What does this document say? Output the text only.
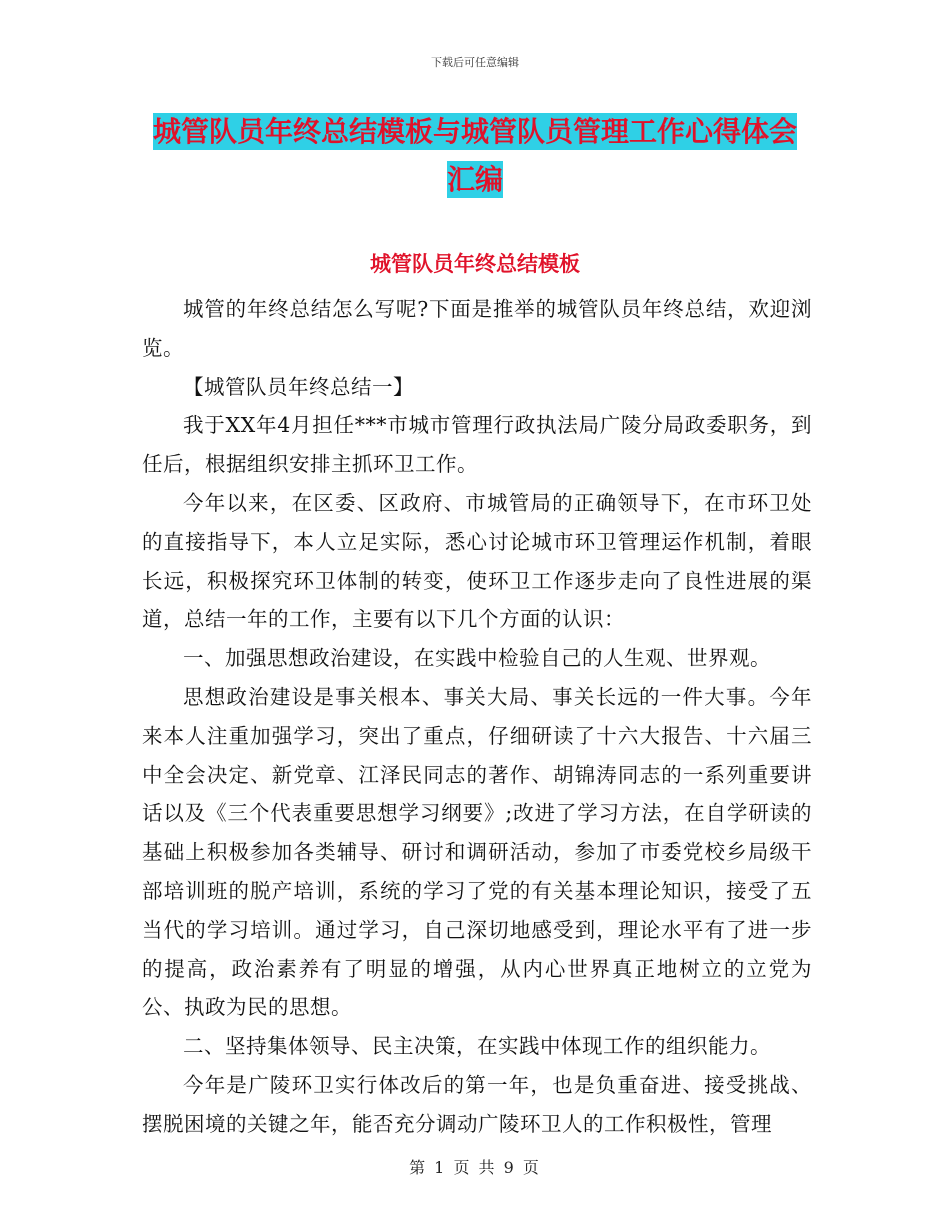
下载后可任意编辑
城管队员年终总结模板与城管队员管理工作心得体会汇编
城管队员年终总结模板

城管的年终总结怎么写呢?下面是推举的城管队员年终总结，欢迎浏览。

【城管队员年终总结一】

我于XX年4月担任***市城市管理行政执法局广陵分局政委职务，到任后，根据组织安排主抓环卫工作。

今年以来，在区委、区政府、市城管局的正确领导下，在市环卫处的直接指导下，本人立足实际，悉心讨论城市环卫管理运作机制，着眼长远，积极探究环卫体制的转变，使环卫工作逐步走向了良性进展的渠道，总结一年的工作，主要有以下几个方面的认识：

一、加强思想政治建设，在实践中检验自己的人生观、世界观。

思想政治建设是事关根本、事关大局、事关长远的一件大事。今年来本人注重加强学习，突出了重点，仔细研读了十六大报告、十六届三中全会决定、新党章、江泽民同志的著作、胡锦涛同志的一系列重要讲话以及《三个代表重要思想学习纲要》;改进了学习方法，在自学研读的基础上积极参加各类辅导、研讨和调研活动，参加了市委党校乡局级干部培训班的脱产培训，系统的学习了党的有关基本理论知识，接受了五当代的学习培训。通过学习，自己深切地感受到，理论水平有了进一步的提高，政治素养有了明显的增强，从内心世界真正地树立的立党为公、执政为民的思想。

二、坚持集体领导、民主决策，在实践中体现工作的组织能力。

今年是广陵环卫实行体改后的第一年，也是负重奋进、接受挑战、摆脱困境的关键之年，能否充分调动广陵环卫人的工作积极性，管理

第 1 页 共 9 页
